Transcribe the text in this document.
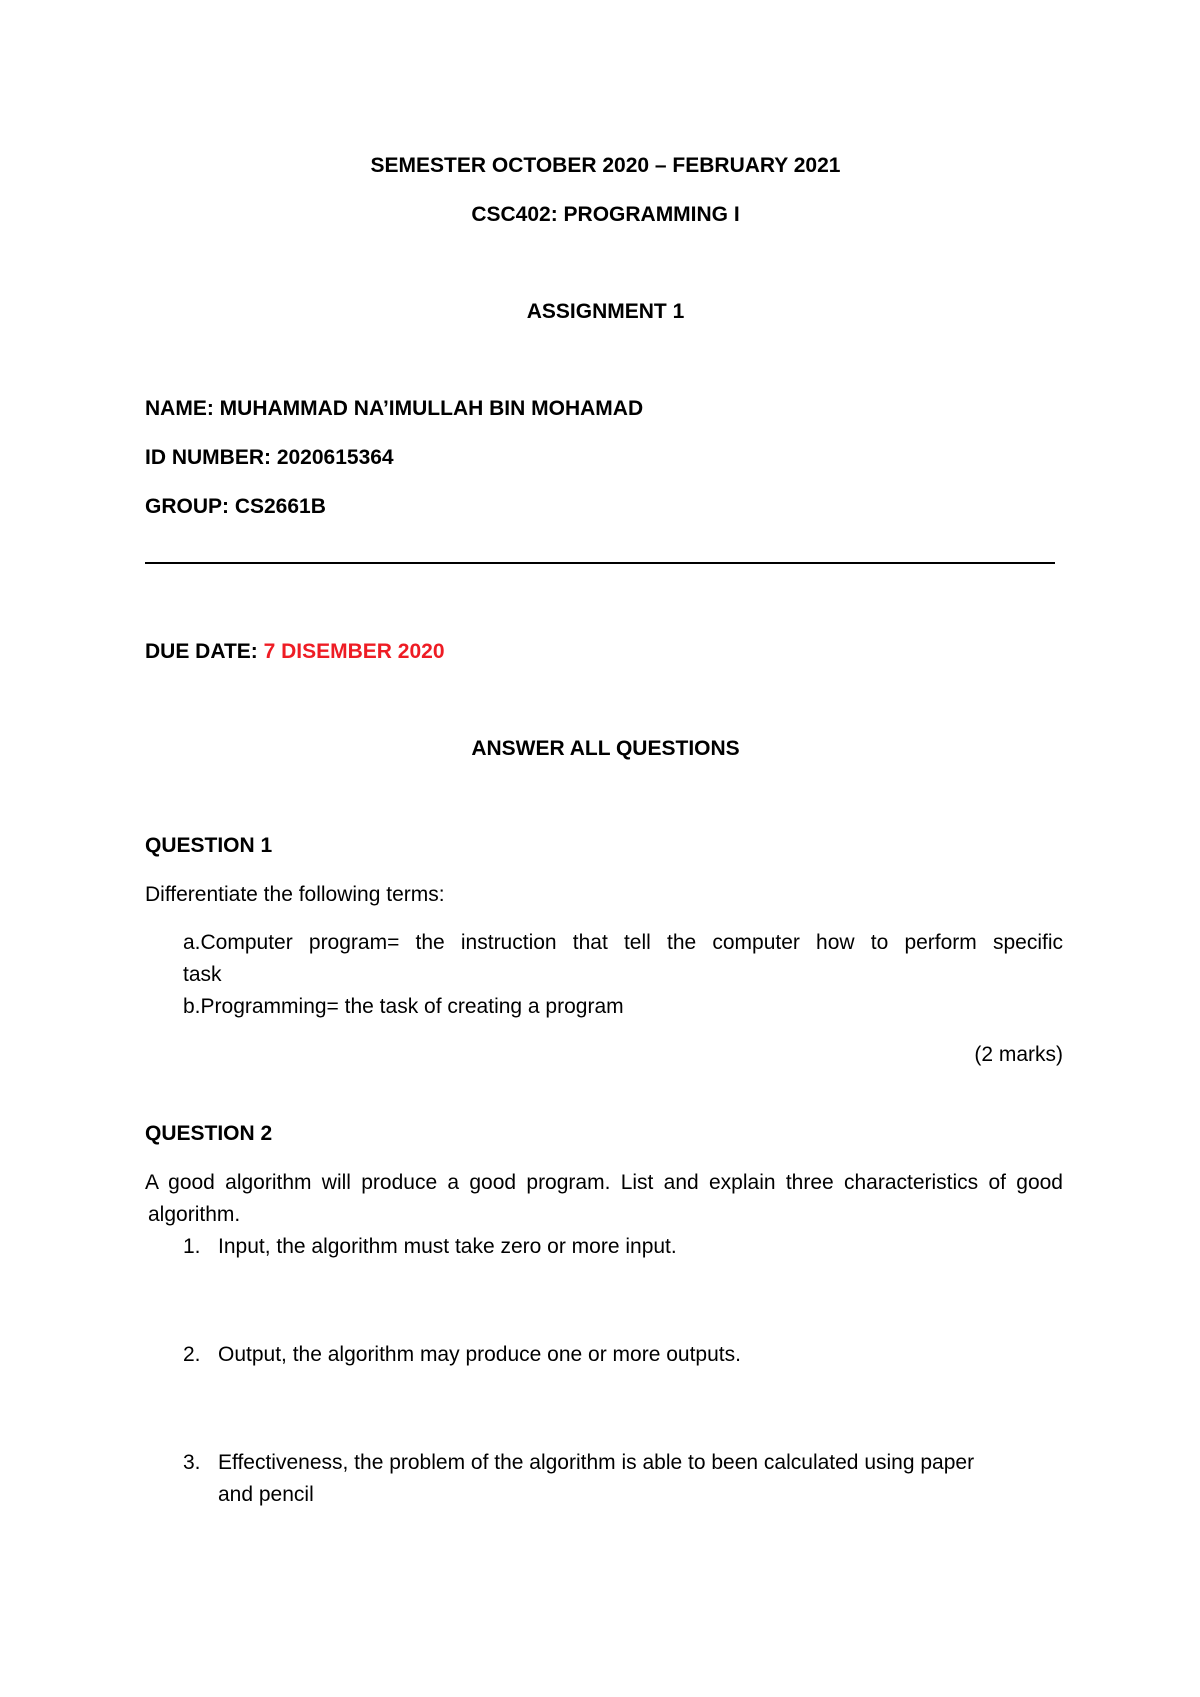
SEMESTER OCTOBER 2020 – FEBRUARY 2021
CSC402: PROGRAMMING I
ASSIGNMENT 1
NAME: MUHAMMAD NA’IMULLAH BIN MOHAMAD
ID NUMBER: 2020615364
GROUP: CS2661B
DUE DATE: 7 DISEMBER 2020
ANSWER ALL QUESTIONS
QUESTION 1
Differentiate the following terms:
a.Computer program= the instruction that tell the computer how to perform specific
task
b.Programming= the task of creating a program
(2 marks)
QUESTION 2
A good algorithm will produce a good program. List and explain three characteristics of good
algorithm.
1. Input, the algorithm must take zero or more input.
2. Output, the algorithm may produce one or more outputs.
3. Effectiveness, the problem of the algorithm is able to been calculated using paper
and pencil
